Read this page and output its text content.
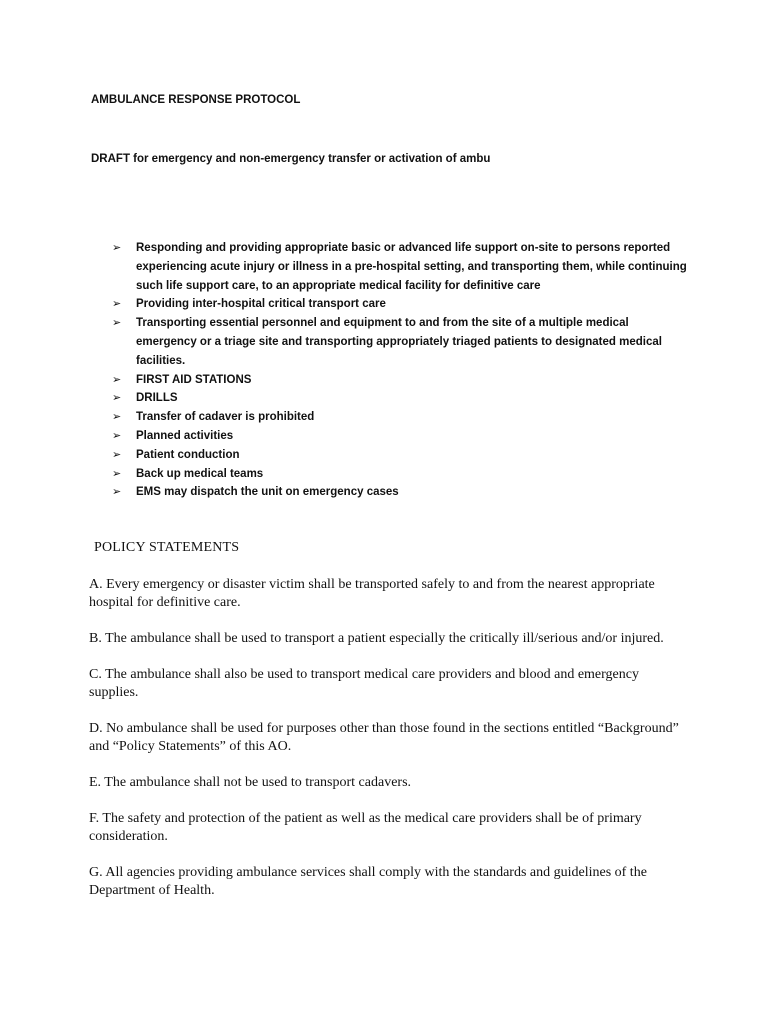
AMBULANCE RESPONSE PROTOCOL
DRAFT for emergency and non-emergency transfer or activation of ambu
➢	Responding and providing appropriate basic or advanced life support on-site to persons reported experiencing acute injury or illness in a pre-hospital setting, and transporting them, while continuing such life support care, to an appropriate medical facility for definitive care
➢	Providing inter-hospital critical transport care
➢	Transporting essential personnel and equipment to and from the site of a multiple medical emergency or a triage site and transporting appropriately triaged patients to designated medical facilities.
➢	FIRST AID STATIONS
➢	DRILLS
➢	Transfer of cadaver is prohibited
➢	Planned activities
➢	Patient conduction
➢	Back up medical teams
➢	EMS may dispatch the unit on emergency cases
POLICY STATEMENTS

A. Every emergency or disaster victim shall be transported safely to and from the nearest appropriate hospital for definitive care.

B. The ambulance shall be used to transport a patient especially the critically ill/serious and/or injured.

C. The ambulance shall also be used to transport medical care providers and blood and emergency supplies.

D. No ambulance shall be used for purposes other than those found in the sections entitled “Background” and “Policy Statements” of this AO.

E. The ambulance shall not be used to transport cadavers.

F. The safety and protection of the patient as well as the medical care providers shall be of primary consideration.

G. All agencies providing ambulance services shall comply with the standards and guidelines of the Department of Health.
